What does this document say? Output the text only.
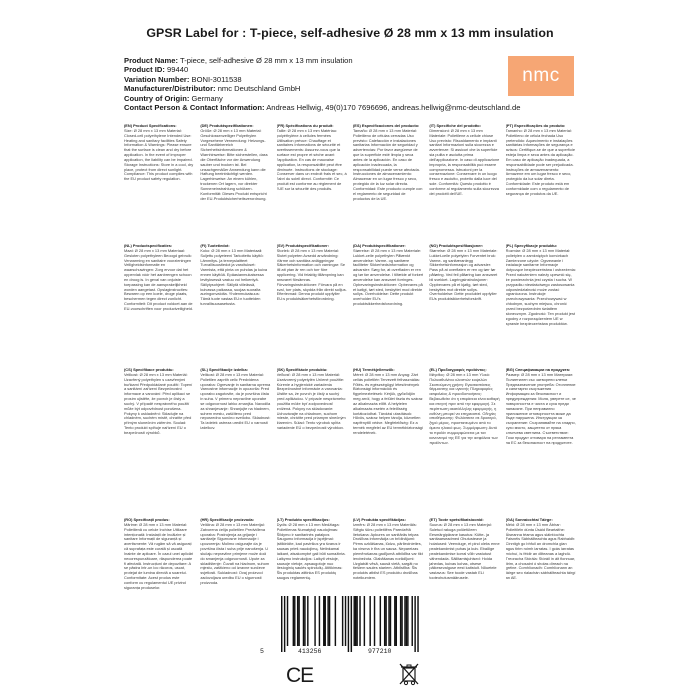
GPSR Label for : T-piece, self-adhesive Ø 28 mm x 13 mm insulation
Product Name: T-piece, self-adhesive Ø 28 mm x 13 mm insulation
Product ID: 99440
Variation Number: BONI-3011538
Manufacturer/Distributor: nmc Deutschland GmbH
Country of Origin: Germany
Contact Person & Contact Information: Andreas Hellwig, 49(0)170 7696696, andreas.hellwig@nmc-deutschland.de
nmc
(EN) Product Specifications:
Size: Ø 28 mm x 13 mm Material: Closed-cell polyethylene Intended Use: Heating and sanitary facilities Safety Information & Warnings: Please ensure that the surface is clean and dry before application. In the event of improper application, the liability can be impaired. Storage Instructions: Store in a cool, dry place, protect from direct sunlight. Compliance: This product complies with the EU product safety regulation.
(DE) Produktspezifikationen:
Größe: Ø 28 mm x 13 mm Material: Geschlossenzelliger Polyethylen Vorgesehene Verwendung: Heizungs- und Sanitärbereich Sicherheitsinformationen & Warnhinweise: Bitte sicherstellen, dass die Oberfläche vor der Anwendung sauber und trocken ist. Bei unsachgemäßer Anwendung kann die Haftung beeinträchtigt werden. Lagerhinweise: An einem kühlen, trockenen Ort lagern, vor direkter Sonneneinstrahlung schützen. Konformität: Dieses Produkt entspricht der EU-Produktsicherheitsverordnung.
(FR) Spécifications du produit:
Taille: Ø 28 mm x 13 mm Matériau: polyéthylène à cellules fermées Utilisation prévue: Chauffage et sanitaires Informations de sécurité et avertissements: Assurez-vous que la surface est propre et sèche avant l'application. En cas de mauvaise application, la responsabilité peut être diminuée. Instructions de stockage: Conserver dans un endroit frais et sec, à l'abri du soleil direct. Conformité: Ce produit est conforme au règlement de l'UE sur la sécurité des produits.
(ES) Especificaciones del producto:
Tamaño: Ø 28 mm x 13 mm Material: Polietileno de células cerradas Uso previsto: Calefacción e instalaciones sanitarias Información de seguridad y advertencias: Por favor asegúrese de que la superficie esté limpia y seca antes de la aplicación. En caso de aplicación inadecuada, la responsabilidad puede verse afectada. Instrucciones de almacenamiento: Almacenar en un lugar fresco y seco, protegido de la luz solar directa. Conformidad: Este producto cumple con el reglamento de seguridad de productos de la UE.
(IT) Specifiche del prodotto:
Dimensioni: Ø 28 mm x 13 mm Materiale: Polietilene a cellule chiuse Uso previsto: Riscaldamento e impianti sanitari Informazioni sulla sicurezza e avvertenze: Si assicuri che la superficie sia pulita e asciutta prima dell'applicazione. In caso di applicazione impropria, la responsabilità può essere compromessa. Istruzioni per la conservazione: Conservare in un luogo fresco e asciutto, protetto dalla luce del sole. Conformità: Questo prodotto è conforme al regolamento sulla sicurezza dei prodotti dell'UE.
(PT) Especificações do produto:
Tamanho: Ø 28 mm x 13 mm Material: Polietileno de célula fechada Uso pretendido: Aquecimento e instalações sanitárias Informações de segurança e avisos: Certifique-se de que a superfície esteja limpa e seca antes da aplicação. Em caso de aplicação inadequada, a responsabilidade pode ser prejudicada. Instruções de armazenamento: Armazene em um lugar fresco e seco, protegido da luz solar direta. Conformidade: Este produto está em conformidade com o regulamento de segurança de produtos da UE.
(NL) Productspecificaties:
Maat: Ø 28 mm x 13 mm Materiaal: Gesloten polyethyleen Beoogd gebruik: Verwarming en sanitaire voorzieningen Veiligheidsinformatie en waarschuwingen: Zorg ervoor dat het oppervlak vóór het aanbrengen schoon en droog is. In geval van onjuiste toepassing kan de aansprakelijkheid worden aangetast. Opslaginstructies: Bewaren op een koele, droge plaats, beschermen tegen direct zonlicht. Conformiteit: Dit product voldoet aan de EU-voorschriften voor productveiligheid.
(FI) Tuotetiedot:
Koko: Ø 28 mm x 13 mm Materiaali: Suljettu polyeteeni Tarkoitettu käyttö: Lämmitys- ja terveyslaitteet Turvallisuustiedot ja varoitukset: Varmista, että pinta on puhdas ja kuiva ennen käyttöä. Epäasianmukaisessa levityksessä vastuu voi heikentyä. Säilytysohjeet: Säilytä viileässä, kuivassa paikassa, suojaa suoralta auringonvalolta. Yhdenmukaisuus: Tämä tuote vastaa EU:n tuotteiden turvallisuusasetusta.
(SV) Produktspecifikationer:
Storlek: Ø 28 mm x 13 mm Material: Slutet polyeten Avsedd användning: Värme och sanitära anläggningar Säkerhetsinformation och varningar: Se till att ytan är ren och torr före applicering. Vid felaktig tillämpning kan ansvaret försämras. Förvaringsinstruktioner: Förvara på en sval, torr plats, skydda från direkt solljus. Efterlevnad: Denna produkt uppfyller EU:s produktsäkerhetsförordning.
(DA) Produktspecifikationer:
Størrelse: Ø 28 mm x 13 mm Materiale: Lukket-celle polyethylen Påtænkt anvendelse: Varme- og sanitære faciliteter Sikkerhedsinformation og advarsler: Sørg for, at overfladen er ren og tør før anvendelse. I tilfælde af forkert anvendelse kan ansvaret forringes. Opbevaringsinstruktioner: Opbevares på et køligt, tørt sted, beskyttet mod direkte sollys. Overholdelse: Dette produkt overholder EU's produktsikkerhedsforordning.
(NO) Produktspesifikasjoner:
Størrelse: Ø 28 mm x 13 mm Materiale: Lukket-celle polyetylen Forventet bruk: Varme- og sanitæranlegg Sikkerhetsinformasjon og advarsler: Pass på at overflaten er ren og tørr før påføring. Ved feil påføring kan ansvaret bli svekket. Lagringsinstruksjoner: Oppbevares på et kjølig, tørt sted, beskyttes mot direkte sollys. Overholdelse: Dette produktet oppfyller EUs produktsikkerhetsforskrift.
(PL) Specyfikacje produktu:
Rozmiar: Ø 28 mm x 13 mm Materiał: polietylen o zamkniętych komórkach Zamierzone użycie: Ogrzewanie i instalacje sanitarne Informacje dotyczące bezpieczeństwa i ostrzeżenia: Przed nałożeniem należy upewnić się, że powierzchnia jest czysta i sucha. W przypadku niewłaściwego zastosowania odpowiedzialność może zostać ograniczona. Instrukcje przechowywania: Przechowywać w chłodnym, suchym miejscu, chronić przed bezpośrednim światłem słonecznym. Zgodność: Ten produkt jest zgodny z rozporządzeniem UE w sprawie bezpieczeństwa produktów.
(CS) Specifikace produktu:
Velikost: Ø 28 mm x 13 mm Materiál: Uzavřený polyethylen s uzavřenými buňkami Předpokládané použití: Topení a sanitární zařízení Bezpečnostní informace a varování: Před aplikací se prosím ujistěte, že povrch je čistý a suchý. V případě nesprávného použití může být odpovědnost porušena. Pokyny k uskladnění: Skladujte na chladném, suchém místě, chraňte před přímým slunečním zářením. Soulad: Tento produkt splňuje nařízení EU o bezpečnosti výrobků.
(SL) Specifikacije izdelka:
Velikost: Ø 28 mm x 13 mm Material: Polietilen zaprtih celic Predvidena uporaba: Ogrevanje in sanitarna oprema Varnostne informacije in opozorila: Pred uporabo zagotovite, da je površina čista in suha. V primeru nepravilne uporabe se odgovornost lahko zmanjša. Navodila za shranjevanje: Shranjujte na hladnem, suhem mestu, zaščiteno pred neposredno sončno svetlobo. Skladnost: Ta izdelek ustreza uredbi EU o varnosti izdelkov.
(SK) Špecifikácie produktu:
Veľkosť: Ø 28 mm x 13 mm Materiál: Uzatvorený polyetylén Určené použitie: Kúrenie a hygienické zariadenia Bezpečnostné informácie a varovania: Uistite sa, že povrch je čistý a suchý pred aplikáciou. V prípade nesprávneho použitia môže byť zodpovednosť znížená. Pokyny na skladovanie: Uchovávajte na chladnom, suchom mieste, chráňte pred priamym slnečným žiarením. Súlad: Tento výrobok spĺňa nariadenie EÚ o bezpečnosti výrobkov.
(HU) Termékjellemzők:
Méret: Ø 28 mm x 13 mm Anyag: Zárt cellás polietilén Tervezett felhasználás: Fűtés- és egészségügyi létesítmények Biztonsági információk és figyelmeztetések: Kérjük, győződjön meg arról, hogy a felület tiszta és száraz az alkalmazás előtt. A helytelen alkalmazás esetén a felelősség korlátozódhat. Tárolási utasítások: Hűvös, száraz helyen tárolja, közvetlen napfénytől védve. Megfelelőség: Ez a termék megfelel az EU termékbiztonsági rendeletének.
(EL) Προδιαγραφές προϊόντος:
Μέγεθος: Ø 28 mm x 13 mm Υλικό: Πολυαιθυλένιο κλειστών κυψελών Σκοπούμενη χρήση: Εγκαταστάσεις θέρμανσης και υγιεινής Πληροφορίες ασφαλείας & προειδοποιήσεις: Βεβαιωθείτε ότι η επιφάνεια είναι καθαρή και στεγνή πριν από την εφαρμογή. Σε περίπτωση ακατάλληλης εφαρμογής, η ευθύνη μπορεί να επηρεαστεί. Οδηγίες αποθήκευσης: Φυλάσσετε σε δροσερό, ξηρό μέρος, προστατευμένο από το άμεσο ηλιακό φως. Συμμόρφωση: Αυτό το προϊόν συμμορφώνεται με τον κανονισμό της ΕΕ για την ασφάλεια των προϊόντων.
(BG) Спецификации на продукта:
Размер: Ø 28 mm x 13 mm Материал: Полиетилен със затворени клетки Предназначение употреба: Отопление и санитарни съоръжения Информация за безопасност и предупреждения: Моля, уверете се, че повърхността е чиста и суха преди нанасяне. При неправилно приложение отговорността може да бъде нарушена. Инструкции за съхранение: Съхранявайте на хладно, сухо място, защитено от пряка слънчева светлина. Съответствие: Този продукт отговаря на регламента на ЕС за безопасност на продуктите.
(RO) Specificații produs:
Mărime: Ø 28 mm x 13 mm Material: Polietilenă cu celule închise Utilizare intenționată: Instalații de încălzire și sanitare Informații de siguranță și avertismente: Vă rugăm să vă asigurați că suprafața este curată și uscată înainte de aplicare. În cazul unei aplicări necorespunzătoare, răspunderea poate fi afectată. Instrucțiuni de depozitare: A se păstra într-un loc răcoros, uscat, protejat de lumina directă a soarelui. Conformitate: Acest produs este conform cu regulamentul UE privind siguranța produselor.
(HR) Specifikacije proizvoda:
Veličina: Ø 28 mm x 13 mm Materijal: Zatvorena ćelija polietilen Predviđena uporaba: Postrojenja za grijanje i sanitarije Sigurnosne informacije i upozorenja: Molimo osigurajte da je površina čista i suha prije nanošenja. U slučaju nepravilne primjene može doći do smanjenja odgovornosti. Upute za skladištenje: Čuvati na hladnom, suhom mjestu, zaštićeno od izravne sunčeve svjetlosti. Sukladnost: Ovaj proizvod zadovoljava uredbu EU o sigurnosti proizvoda.
(LT) Produkto specifikacijos:
Dydis: Ø 28 mm x 13 mm Medžiaga: Polietilenas Numatytoji naudojimas: Šildymo ir sanitarinės patalpos Saugumo informacija ir įspėjimai: Įsitikinkite, kad paviršius yra švarus ir sausas prieš naudojimą. Netinkamai taikant, atsakomybė gali būti sumažinta. Laikymo instrukcijos: Laikyti vėsioje, sausoje vietoje, apsaugotoje nuo tiesioginių saulės spindulių. Atitikimas: Šis produktas atitinka ES produktų saugos reglamentą.
(LV) Produkta specifikācijas:
Izmērs: Ø 28 mm x 13 mm Materiāls: Slēgtu šūnu polietilēns Paredzētā lietošana: Apkures un sanitārās telpas Drošības informācija un brīdinājumi: Pirms uzklāšanas, lūdzu, pārliecinieties, ka virsma ir tīra un sausa. Nepareizas piemērošanas gadījumā atbildība var tikt ierobežota. Glabāšanas norādījumi: Uzglabāt vēsā, sausā vietā, sargāt no tiešiem saules stariem. Atbilstība: Šis produkts atbilst ES produktu drošības noteikumiem.
(ET) Toote spetsifikatsioonid:
Suurus: Ø 28 mm x 13 mm Materjal: Suletud rakuga polüetüleen Eesmärgipärane kasutus: Kütte- ja sanitaarseadmed Ohutusteave ja hoiatused: Veenduge, et pind oleks enne pealekandmist puhas ja kuiv. Ebaõige pealekandmise korral võib vastutust vähendada. Säilitamisjuhised: Hoida jahedas, kuivas kohas, otsese päikesevalguse eest kaitstult. Nõuetele vastavus: See toode vastab ELi tooteohutusmäärusele.
(GA) Sonraíochtaí Táirge:
Méid: Ø 28 mm x 13 mm Ábhar: Polieitiléin dúnta Úsáid Beartaithe: Áiseanna téama agus sláintíochta Faisnéis Sábháilteachta agus Rabhaidh: Cinntigh go bhfuil an dromchla glan agus tirim roimh iarratas. I gcás iarratas míchuí, is féidir an dliteanas a laghdú. Treoracha Stórála: Stóráil in áit fionnuar, tirim, a chosaint ó sholas díreach na gréine. Comhlíonadh: Comhlíonann an táirge seo rialachán sábháilteachta táirgí an AE.
5	413256	977210
CE
